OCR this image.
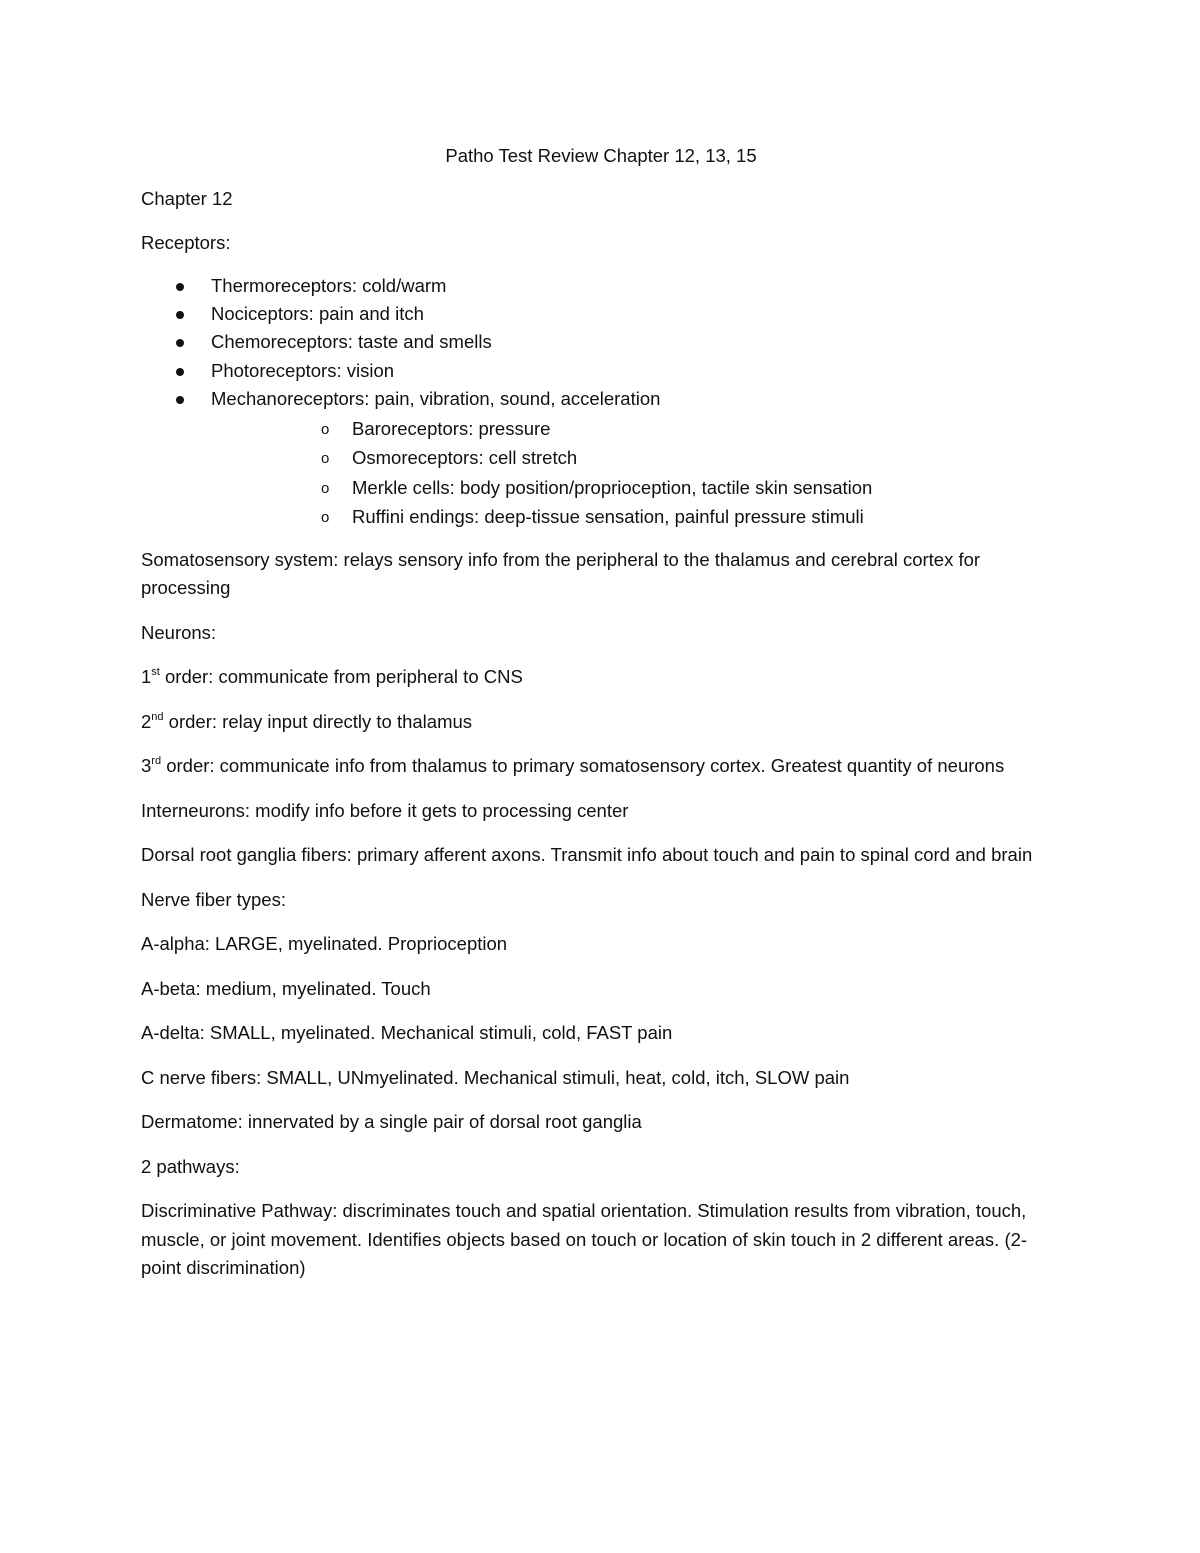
Patho Test Review Chapter 12, 13, 15

Chapter 12

Receptors:

Thermoreceptors: cold/warm
Nociceptors: pain and itch
Chemoreceptors: taste and smells
Photoreceptors: vision
Mechanoreceptors: pain, vibration, sound, acceleration
o Baroreceptors: pressure
o Osmoreceptors: cell stretch
o Merkle cells: body position/proprioception, tactile skin sensation
o Ruffini endings: deep-tissue sensation, painful pressure stimuli

Somatosensory system: relays sensory info from the peripheral to the thalamus and cerebral cortex for processing

Neurons:

1st order: communicate from peripheral to CNS

2nd order: relay input directly to thalamus

3rd order: communicate info from thalamus to primary somatosensory cortex. Greatest quantity of neurons

Interneurons: modify info before it gets to processing center

Dorsal root ganglia fibers: primary afferent axons. Transmit info about touch and pain to spinal cord and brain

Nerve fiber types:

A-alpha: LARGE, myelinated. Proprioception

A-beta: medium, myelinated. Touch

A-delta: SMALL, myelinated. Mechanical stimuli, cold, FAST pain

C nerve fibers: SMALL, UNmyelinated. Mechanical stimuli, heat, cold, itch, SLOW pain

Dermatome: innervated by a single pair of dorsal root ganglia

2 pathways:

Discriminative Pathway: discriminates touch and spatial orientation. Stimulation results from vibration, touch, muscle, or joint movement. Identifies objects based on touch or location of skin touch in 2 different areas. (2-point discrimination)
